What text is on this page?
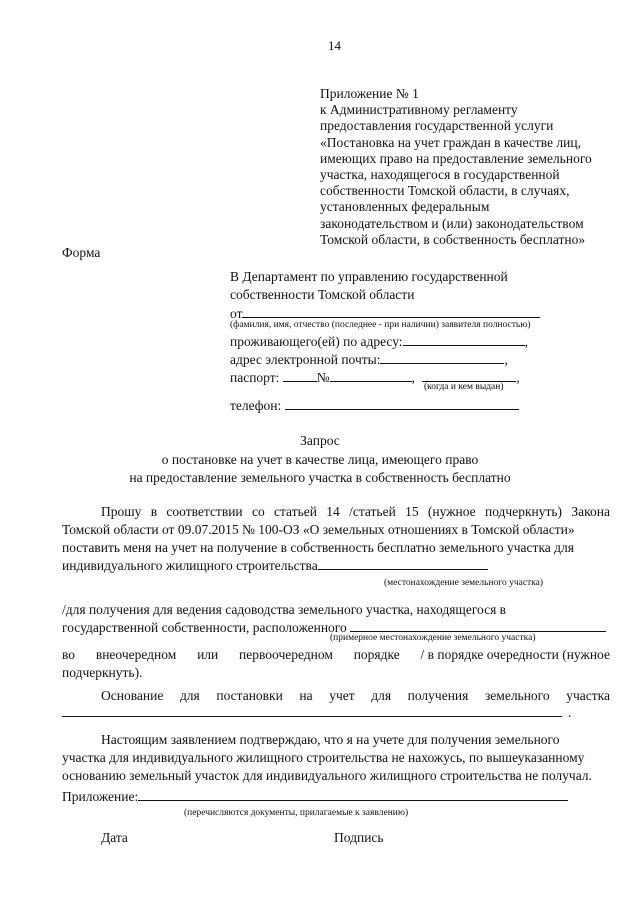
14
Приложение № 1
к Административному регламенту
предоставления государственной услуги
«Постановка на учет граждан в качестве лиц,
имеющих право на предоставление земельного
участка, находящегося в государственной
собственности Томской области, в случаях,
установленных федеральным
законодательством и (или) законодательством
Томской области, в собственность бесплатно»
Форма
В Департамент по управлению государственной
собственности Томской области
от
(фамилия, имя, отчество (последнее - при наличии) заявителя полностью)
проживающего(ей) по адресу:	,
адрес электронной почты:	,
паспорт:	№	,	,
(когда и кем выдан)
телефон:
Запрос
о постановке на учет в качестве лица, имеющего право
на предоставление земельного участка в собственность бесплатно
Прошу в соответствии со статьей 14 /статьей 15 (нужное подчеркнуть) Закона
Томской области от 09.07.2015 № 100-ОЗ «О земельных отношениях в Томской области»
поставить меня на учет на получение в собственность бесплатно земельного участка для
индивидуального жилищного строительства
(местонахождение земельного участка)
/для получения для ведения садоводства земельного участка, находящегося в
государственной собственности, расположенного
(примерное местонахождение земельного участка)
во внеочередном или первоочередном порядке / в порядке очередности (нужное
подчеркнуть).
Основание для постановки на учет для получения земельного участка
.
Настоящим заявлением подтверждаю, что я на учете для получения земельного
участка для индивидуального жилищного строительства не нахожусь, по вышеуказанному
основанию земельный участок для индивидуального жилищного строительства не получал.
Приложение:
(перечисляются документы, прилагаемые к заявлению)
Дата	Подпись
